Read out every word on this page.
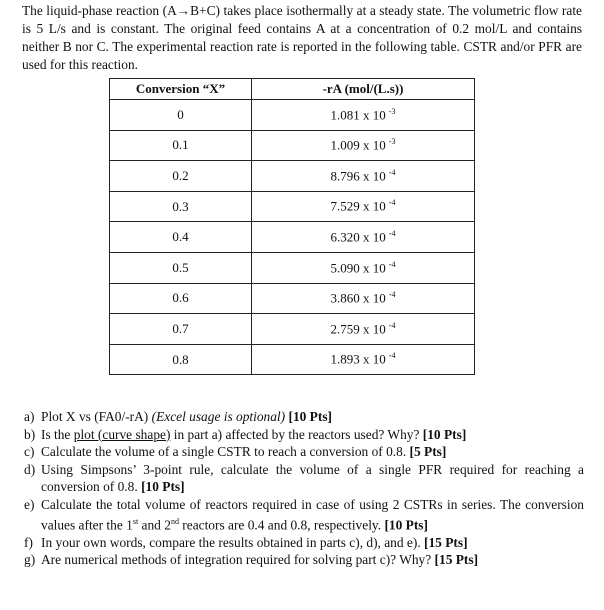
The liquid-phase reaction (A→B+C) takes place isothermally at a steady state. The volumetric flow rate is 5 L/s and is constant. The original feed contains A at a concentration of 0.2 mol/L and contains neither B nor C. The experimental reaction rate is reported in the following table. CSTR and/or PFR are used for this reaction.

Conversion “X”	-rA (mol/(L.s))
0	1.081 x 10 $^{-3}$
0.1	1.009 x 10 $^{-3}$
0.2	8.796 x 10 $^{-4}$
0.3	7.529 x 10 $^{-4}$
0.4	6.320 x 10 $^{-4}$
0.5	5.090 x 10 $^{-4}$
0.6	3.860 x 10 $^{-4}$
0.7	2.759 x 10 $^{-4}$
0.8	1.893 x 10 $^{-4}$
a) Plot X vs (FA0/-rA) (Excel usage is optional) [10 Pts]
b) Is the plot (curve shape) in part a) affected by the reactors used? Why? [10 Pts]
c) Calculate the volume of a single CSTR to reach a conversion of 0.8. [5 Pts]
d) Using Simpsons’ 3-point rule, calculate the volume of a single PFR required for reaching a conversion of 0.8. [10 Pts]
e) Calculate the total volume of reactors required in case of using 2 CSTRs in series. The conversion values after the 1st and 2nd reactors are 0.4 and 0.8, respectively. [10 Pts]
f) In your own words, compare the results obtained in parts c), d), and e). [15 Pts]
g) Are numerical methods of integration required for solving part c)? Why? [15 Pts]
